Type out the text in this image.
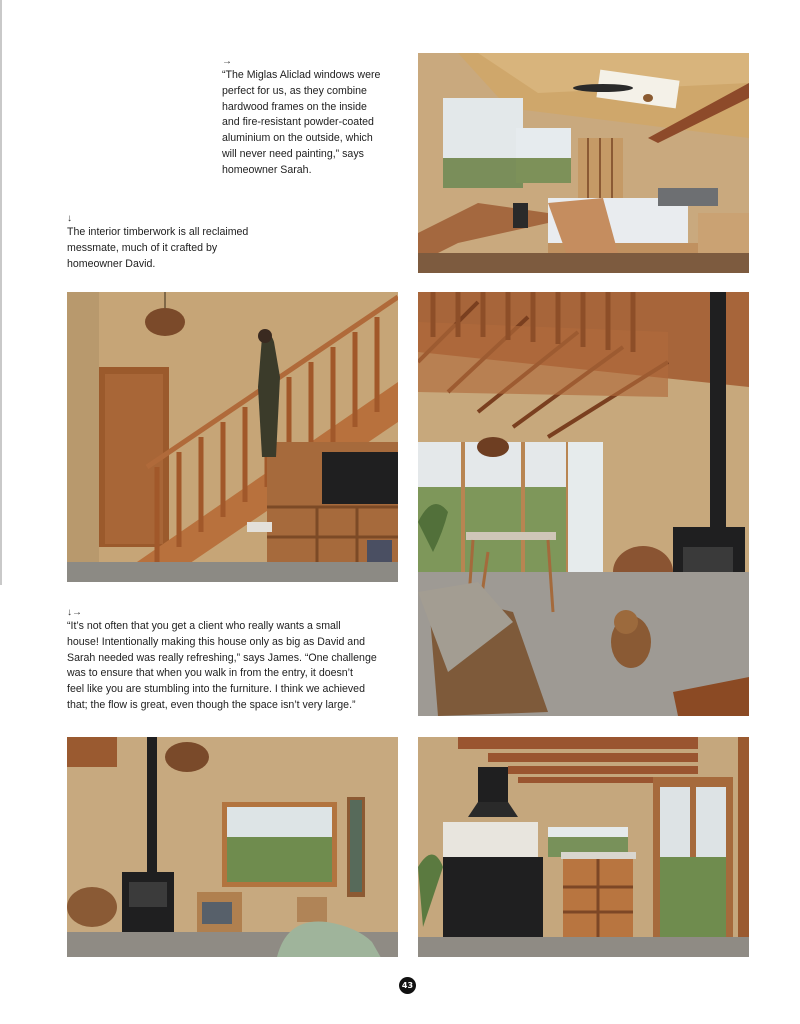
→

“The Miglas Aliclad windows were
perfect for us, as they combine
hardwood frames on the inside
and fire-resistant powder-coated
aluminium on the outside, which
will never need painting,” says
homeowner Sarah.

↓

The interior timberwork is all reclaimed
messmate, much of it crafted by
homeowner David.

↓→

“It’s not often that you get a client who really wants a small
house! Intentionally making this house only as big as David and
Sarah needed was really refreshing,” says James. “One challenge
was to ensure that when you walk in from the entry, it doesn’t
feel like you are stumbling into the furniture. I think we achieved
that; the flow is great, even though the space isn’t very large.”

43
